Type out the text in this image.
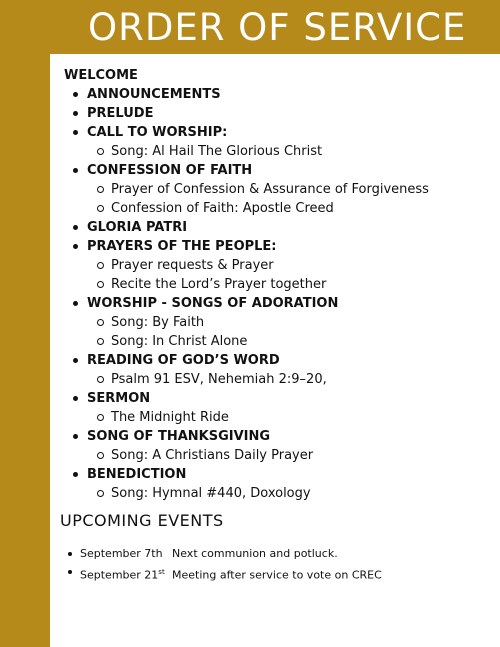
ORDER OF SERVICE
WELCOME
ANNOUNCEMENTS
PRELUDE
CALL TO WORSHIP:
Song: Al Hail The Glorious Christ
CONFESSION OF FAITH
Prayer of Confession & Assurance of Forgiveness
Confession of Faith: Apostle Creed
GLORIA PATRI
PRAYERS OF THE PEOPLE:
Prayer requests & Prayer
Recite the Lord’s Prayer together
WORSHIP - SONGS OF ADORATION
Song: By Faith
Song: In Christ Alone
READING OF GOD’S WORD
Psalm 91 ESV, Nehemiah 2:9–20,
SERMON
The Midnight Ride
SONG OF THANKSGIVING
Song: A Christians Daily Prayer
BENEDICTION
Song: Hymnal #440, Doxology
UPCOMING EVENTS
September 7th Next communion and potluck.
September 21st Meeting after service to vote on CREC
